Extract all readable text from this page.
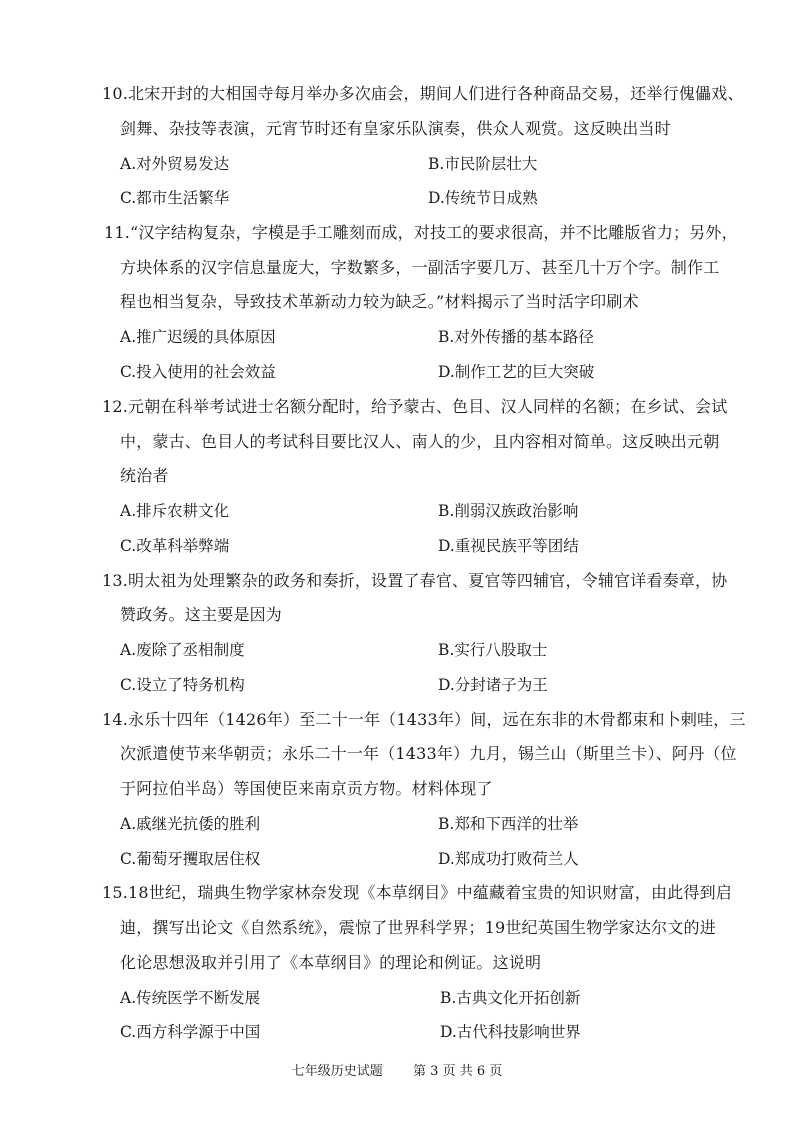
10.北宋开封的大相国寺每月举办多次庙会，期间人们进行各种商品交易，还举行傀儡戏、
剑舞、杂技等表演，元宵节时还有皇家乐队演奏，供众人观赏。这反映出当时
A.对外贸易发达	B.市民阶层壮大
C.都市生活繁华	D.传统节日成熟
11.“汉字结构复杂，字模是手工雕刻而成，对技工的要求很高，并不比雕版省力；另外，
方块体系的汉字信息量庞大，字数繁多，一副活字要几万、甚至几十万个字。制作工
程也相当复杂，导致技术革新动力较为缺乏。”材料揭示了当时活字印刷术
A.推广迟缓的具体原因	B.对外传播的基本路径
C.投入使用的社会效益	D.制作工艺的巨大突破
12.元朝在科举考试进士名额分配时，给予蒙古、色目、汉人同样的名额；在乡试、会试
中，蒙古、色目人的考试科目要比汉人、南人的少，且内容相对简单。这反映出元朝
统治者
A.排斥农耕文化	B.削弱汉族政治影响
C.改革科举弊端	D.重视民族平等团结
13.明太祖为处理繁杂的政务和奏折，设置了春官、夏官等四辅官，令辅官详看奏章，协
赞政务。这主要是因为
A.废除了丞相制度	B.实行八股取士
C.设立了特务机构	D.分封诸子为王
14.永乐十四年（1426年）至二十一年（1433年）间，远在东非的木骨都束和卜剌哇，三
次派遣使节来华朝贡；永乐二十一年（1433年）九月，锡兰山（斯里兰卡）、阿丹（位
于阿拉伯半岛）等国使臣来南京贡方物。材料体现了
A.戚继光抗倭的胜利	B.郑和下西洋的壮举
C.葡萄牙攫取居住权	D.郑成功打败荷兰人
15.18世纪，瑞典生物学家林奈发现《本草纲目》中蕴藏着宝贵的知识财富，由此得到启
迪，撰写出论文《自然系统》，震惊了世界科学界；19世纪英国生物学家达尔文的进
化论思想汲取并引用了《本草纲目》的理论和例证。这说明
A.传统医学不断发展	B.古典文化开拓创新
C.西方科学源于中国	D.古代科技影响世界
七年级历史试题 第 3 页 共 6 页
